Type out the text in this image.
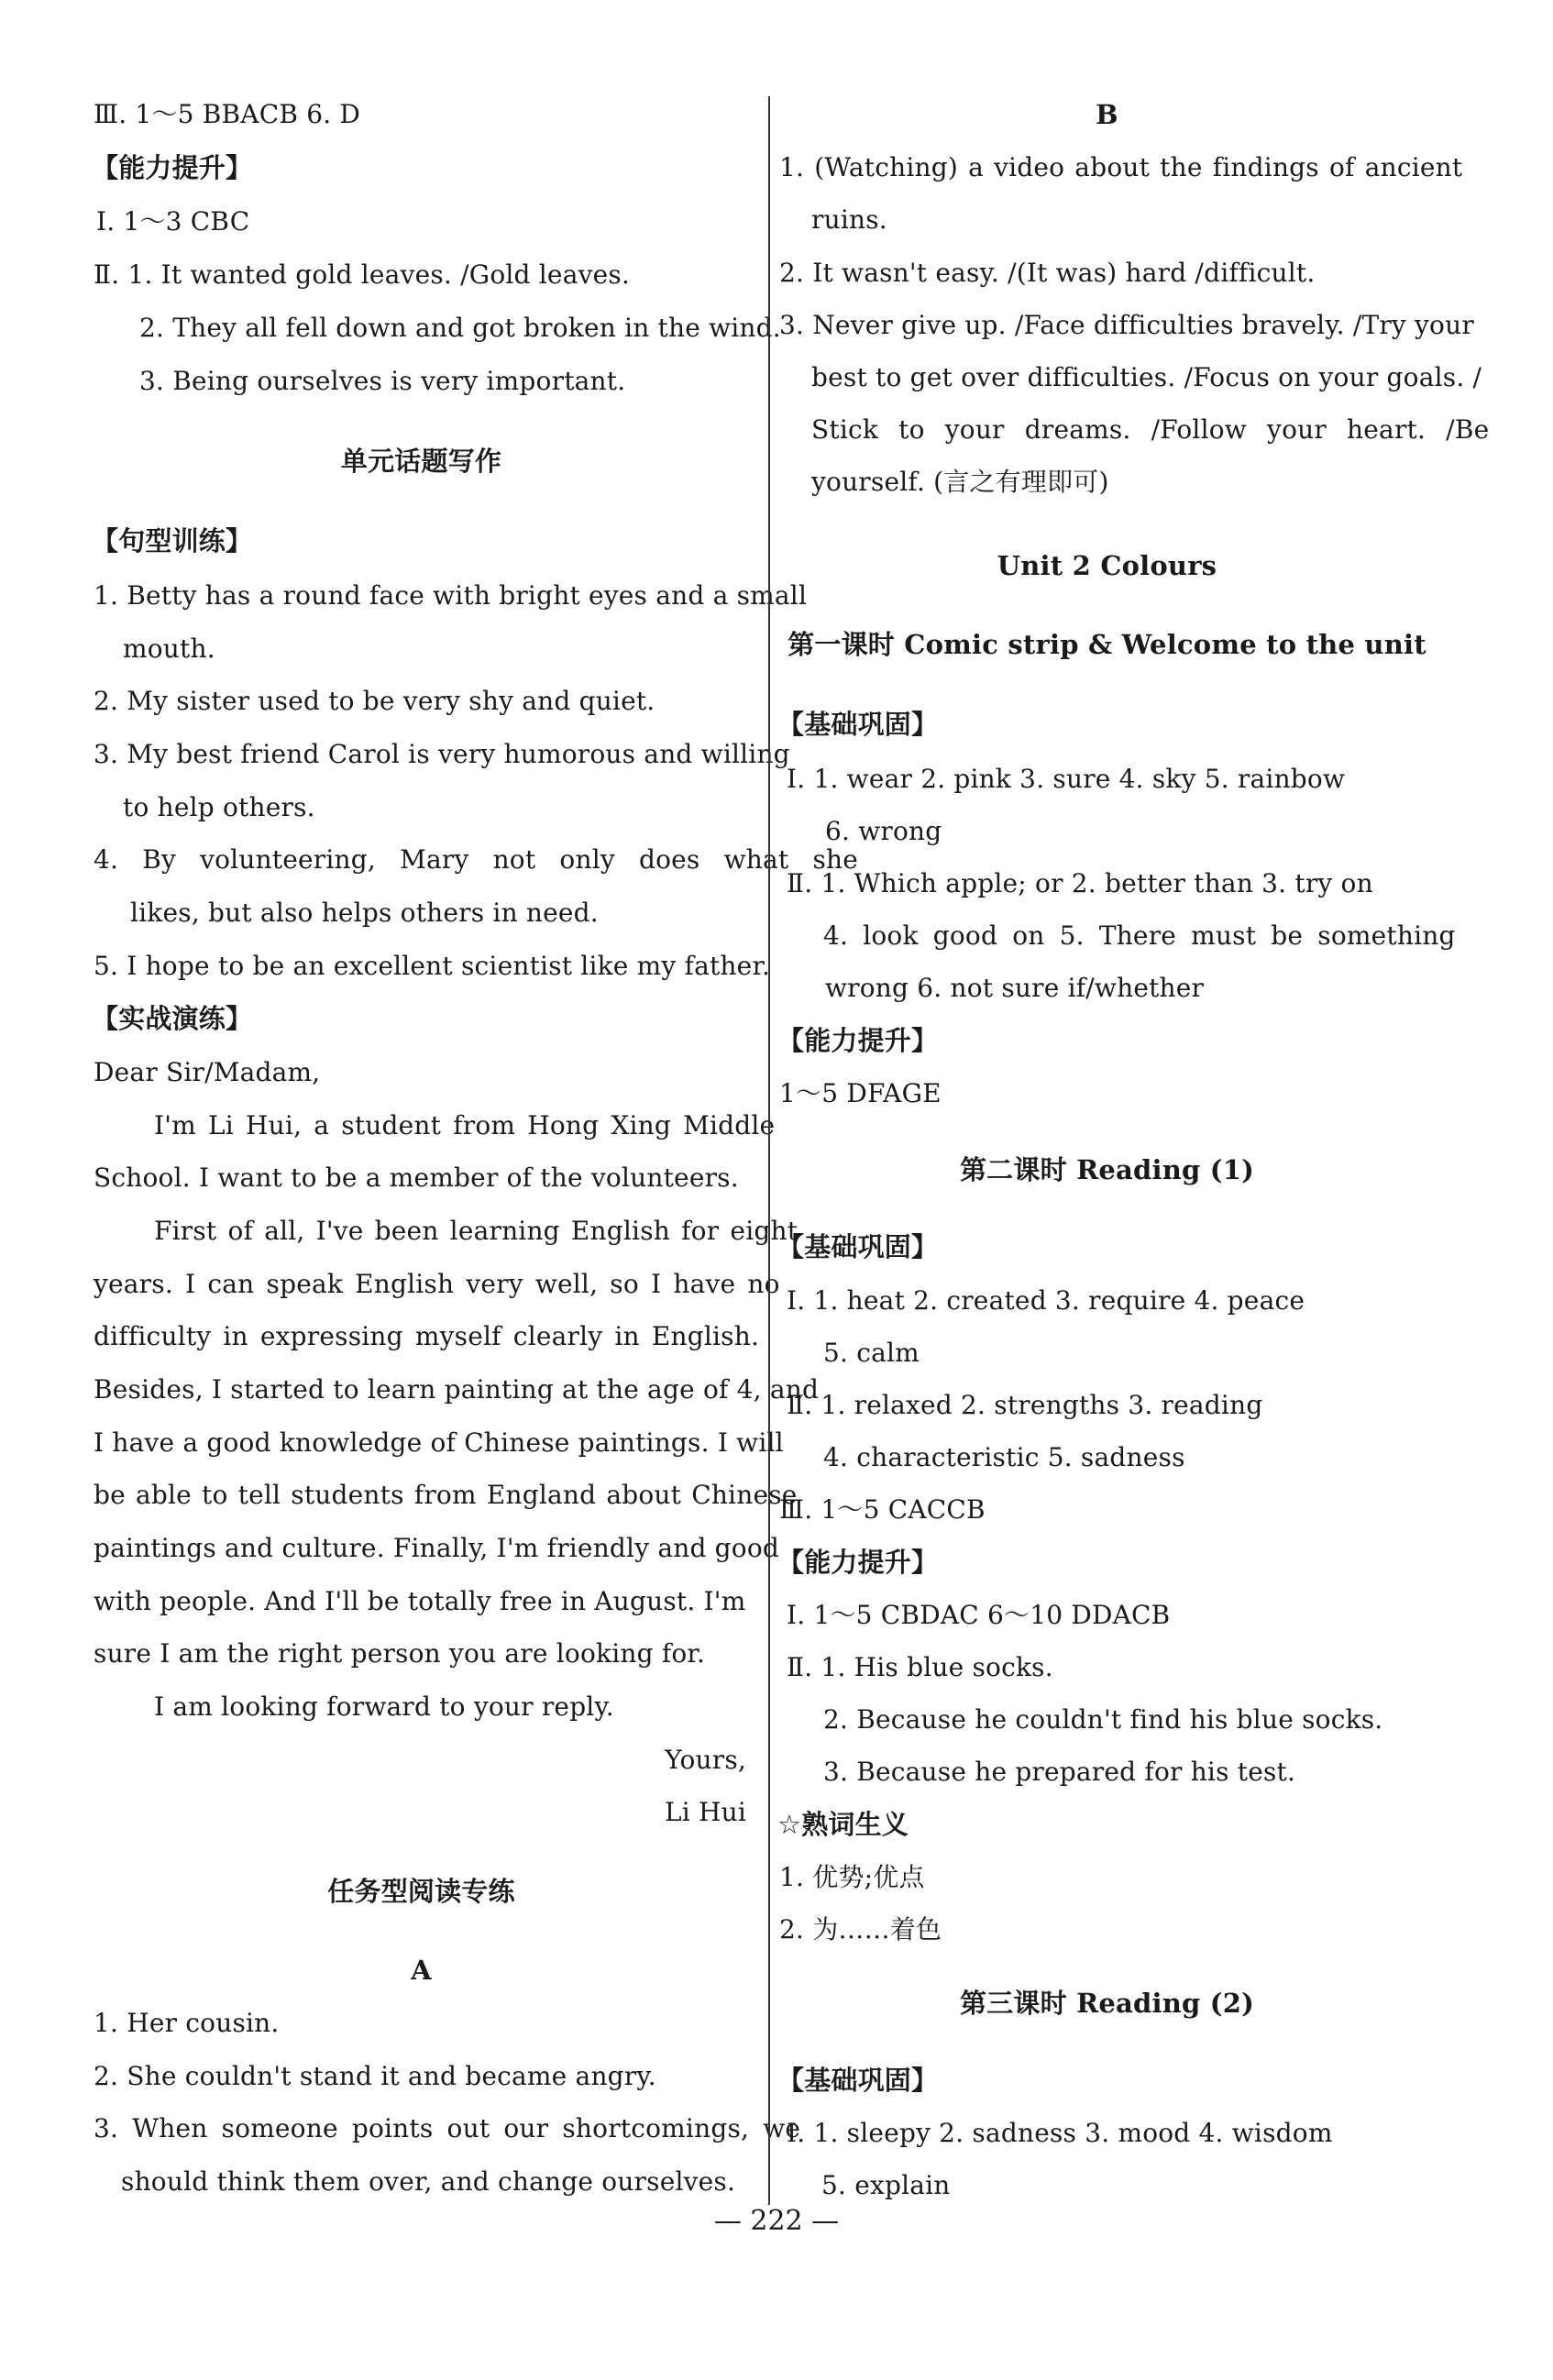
Ⅲ. 1～5 BBACB 6. D
【能力提升】
Ⅰ. 1～3 CBC
Ⅱ. 1. It wanted gold leaves. /Gold leaves.
2. They all fell down and got broken in the wind.
3. Being ourselves is very important.
单元话题写作
【句型训练】
1. Betty has a round face with bright eyes and a small
mouth.
2. My sister used to be very shy and quiet.
3. My best friend Carol is very humorous and willing
to help others.
4. By volunteering, Mary not only does what she
likes, but also helps others in need.
5. I hope to be an excellent scientist like my father.
【实战演练】
Dear Sir/Madam,
I'm Li Hui, a student from Hong Xing Middle
School. I want to be a member of the volunteers.
First of all, I've been learning English for eight
years. I can speak English very well, so I have no
difficulty in expressing myself clearly in English.
Besides, I started to learn painting at the age of 4, and
I have a good knowledge of Chinese paintings. I will
be able to tell students from England about Chinese
paintings and culture. Finally, I'm friendly and good
with people. And I'll be totally free in August. I'm
sure I am the right person you are looking for.
I am looking forward to your reply.
Yours,
Li Hui
任务型阅读专练
A
1. Her cousin.
2. She couldn't stand it and became angry.
3. When someone points out our shortcomings, we
should think them over, and change ourselves.
B
1. (Watching) a video about the findings of ancient
ruins.
2. It wasn't easy. /(It was) hard /difficult.
3. Never give up. /Face difficulties bravely. /Try your
best to get over difficulties. /Focus on your goals. /
Stick to your dreams. /Follow your heart. /Be
yourself. (言之有理即可)
Unit 2 Colours
第一课时 Comic strip & Welcome to the unit
【基础巩固】
Ⅰ. 1. wear 2. pink 3. sure 4. sky 5. rainbow
6. wrong
Ⅱ. 1. Which apple; or 2. better than 3. try on
4. look good on 5. There must be something
wrong 6. not sure if/whether
【能力提升】
1～5 DFAGE
第二课时 Reading (1)
【基础巩固】
Ⅰ. 1. heat 2. created 3. require 4. peace
5. calm
Ⅱ. 1. relaxed 2. strengths 3. reading
4. characteristic 5. sadness
Ⅲ. 1～5 CACCB
【能力提升】
Ⅰ. 1～5 CBDAC 6～10 DDACB
Ⅱ. 1. His blue socks.
2. Because he couldn't find his blue socks.
3. Because he prepared for his test.
☆熟词生义
1. 优势;优点
2. 为……着色
第三课时 Reading (2)
【基础巩固】
Ⅰ. 1. sleepy 2. sadness 3. mood 4. wisdom
5. explain
— 222 —
